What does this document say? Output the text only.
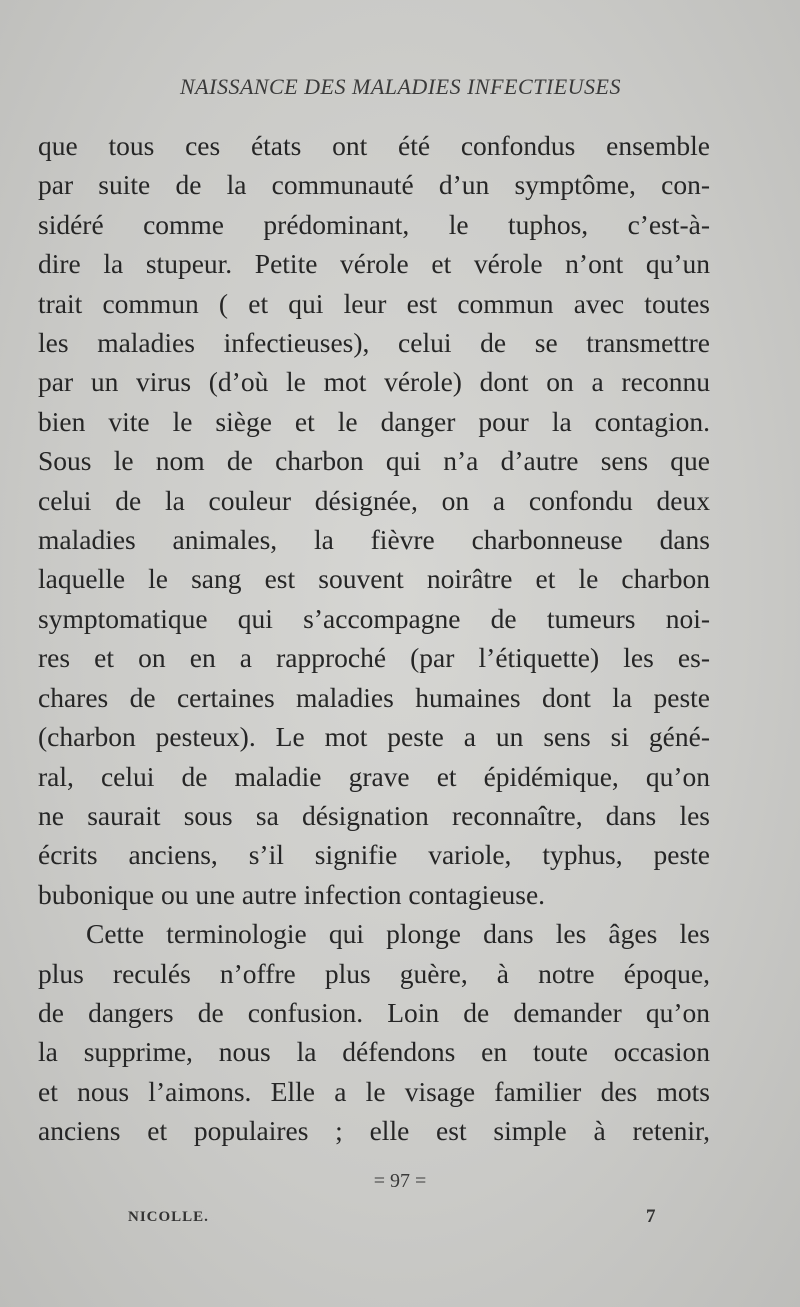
NAISSANCE DES MALADIES INFECTIEUSES

que tous ces états ont été confondus ensemble
par suite de la communauté d’un symptôme, con-
sidéré comme prédominant, le tuphos, c’est-à-
dire la stupeur. Petite vérole et vérole n’ont qu’un
trait commun ( et qui leur est commun avec toutes
les maladies infectieuses), celui de se transmettre
par un virus (d’où le mot vérole) dont on a reconnu
bien vite le siège et le danger pour la contagion.
Sous le nom de charbon qui n’a d’autre sens que
celui de la couleur désignée, on a confondu deux
maladies animales, la fièvre charbonneuse dans
laquelle le sang est souvent noirâtre et le charbon
symptomatique qui s’accompagne de tumeurs noi-
res et on en a rapproché (par l’étiquette) les es-
chares de certaines maladies humaines dont la peste
(charbon pesteux). Le mot peste a un sens si géné-
ral, celui de maladie grave et épidémique, qu’on
ne saurait sous sa désignation reconnaître, dans les
écrits anciens, s’il signifie variole, typhus, peste
bubonique ou une autre infection contagieuse.

Cette terminologie qui plonge dans les âges les
plus reculés n’offre plus guère, à notre époque,
de dangers de confusion. Loin de demander qu’on
la supprime, nous la défendons en toute occasion
et nous l’aimons. Elle a le visage familier des mots
anciens et populaires ; elle est simple à retenir,

= 97 =
NICOLLE.	7
